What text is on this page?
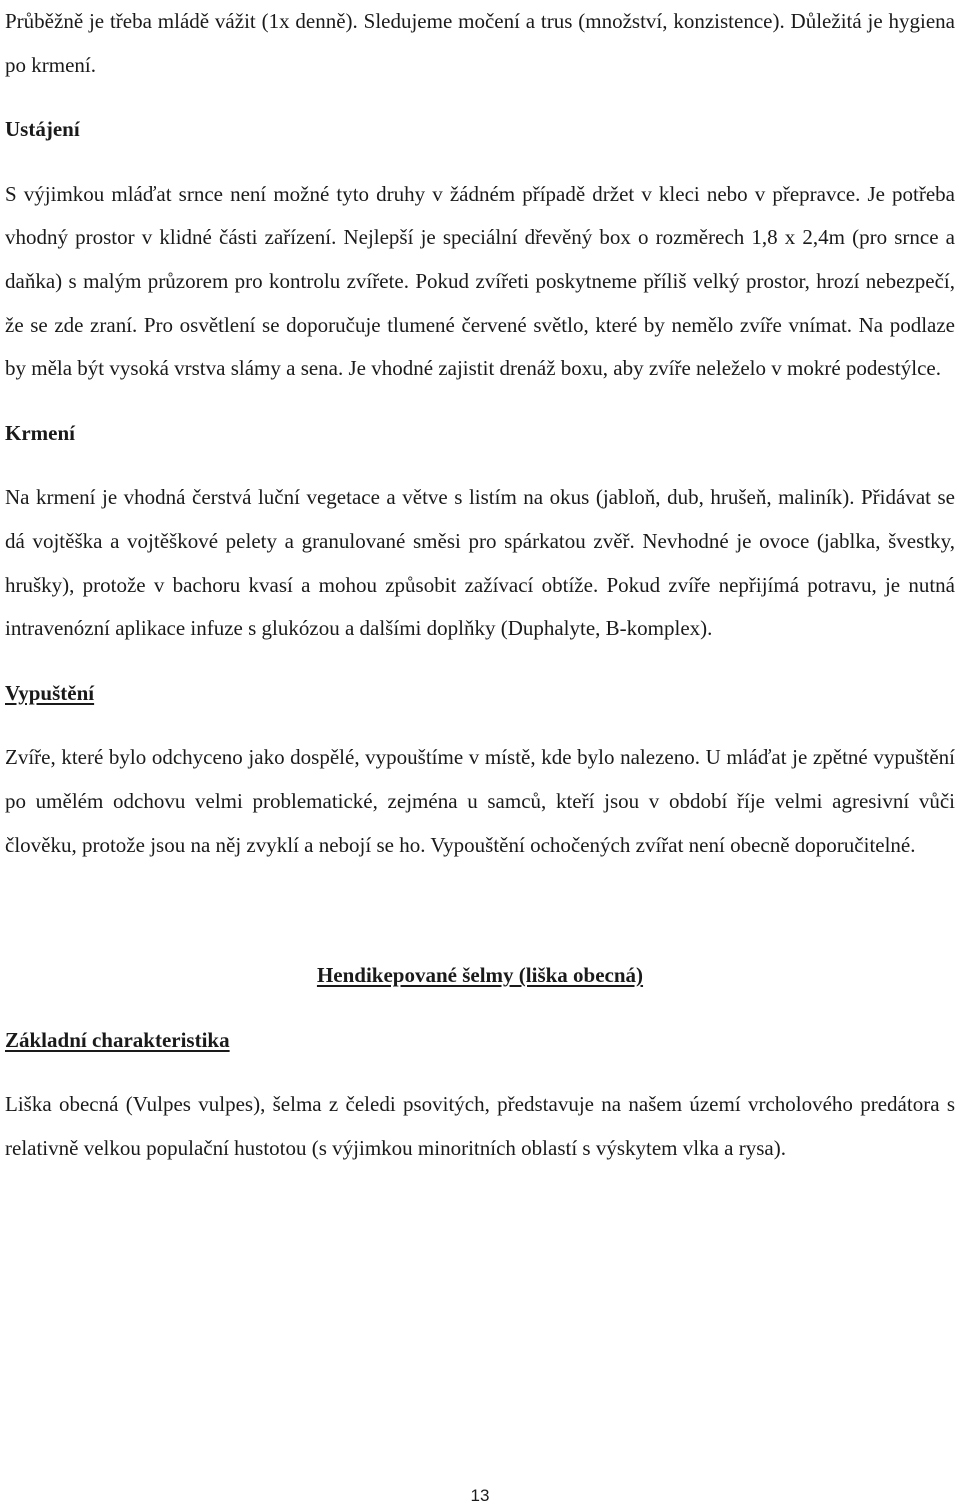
Průběžně je třeba mládě vážit (1x denně). Sledujeme močení a trus (množství, konzistence). Důležitá je hygiena po krmení.

Ustájení

S výjimkou mláďat srnce není možné tyto druhy v žádném případě držet v kleci nebo v přepravce. Je potřeba vhodný prostor v klidné části zařízení. Nejlepší je speciální dřevěný box o rozměrech 1,8 x 2,4m (pro srnce a daňka) s malým průzorem pro kontrolu zvířete. Pokud zvířeti poskytneme příliš velký prostor, hrozí nebezpečí, že se zde zraní. Pro osvětlení se doporučuje tlumené červené světlo, které by nemělo zvíře vnímat. Na podlaze by měla být vysoká vrstva slámy a sena. Je vhodné zajistit drenáž boxu, aby zvíře neleželo v mokré podestýlce.

Krmení

Na krmení je vhodná čerstvá luční vegetace a větve s listím na okus (jabloň, dub, hrušeň, maliník). Přidávat se dá vojtěška a vojtěškové pelety a granulované směsi pro spárkatou zvěř. Nevhodné je ovoce (jablka, švestky, hrušky), protože v bachoru kvasí a mohou způsobit zažívací obtíže. Pokud zvíře nepřijímá potravu, je nutná intravenózní aplikace infuze s glukózou a dalšími doplňky (Duphalyte, B-komplex).

Vypuštění

Zvíře, které bylo odchyceno jako dospělé, vypouštíme v místě, kde bylo nalezeno. U mláďat je zpětné vypuštění po umělém odchovu velmi problematické, zejména u samců, kteří jsou v období říje velmi agresivní vůči člověku, protože jsou na něj zvyklí a nebojí se ho. Vypouštění ochočených zvířat není obecně doporučitelné.

Hendikepované šelmy (liška obecná)

Základní charakteristika

Liška obecná (Vulpes vulpes), šelma z čeledi psovitých, představuje na našem území vrcholového predátora s relativně velkou populační hustotou (s výjimkou minoritních oblastí s výskytem vlka a rysa).

13
